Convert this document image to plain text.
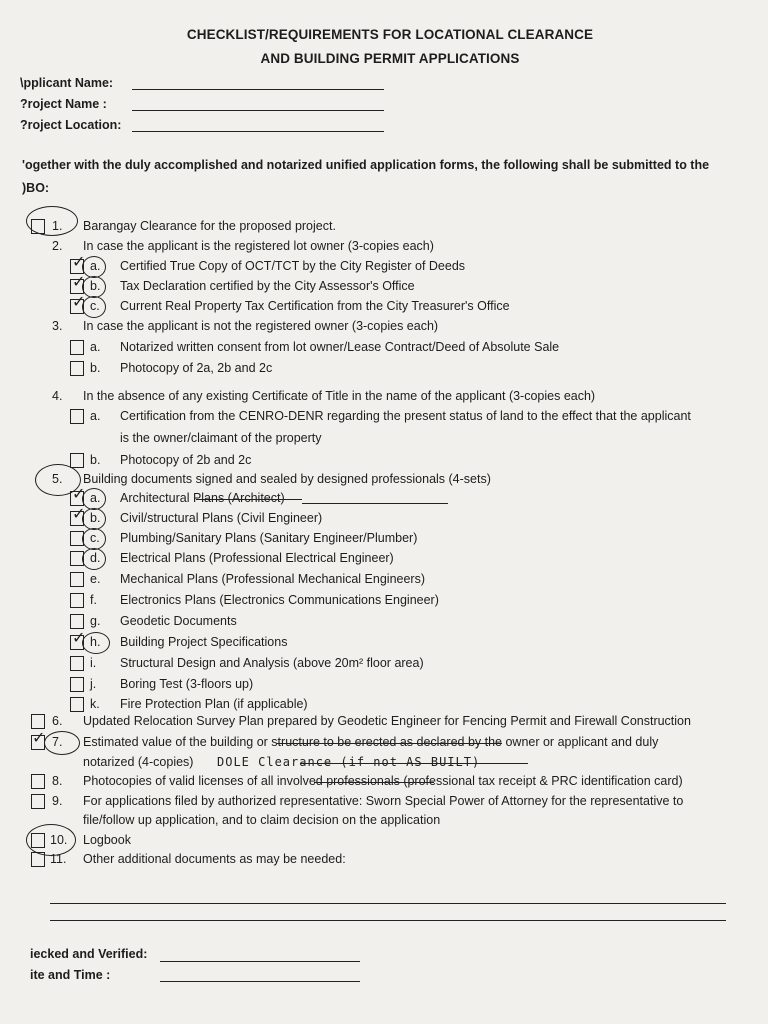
CHECKLIST/REQUIREMENTS FOR LOCATIONAL CLEARANCE
AND BUILDING PERMIT APPLICATIONS
\pplicant Name:
?roject Name :
?roject Location:
'ogether with the duly accomplished and notarized unified application forms, the following shall be submitted to the
)BO:
1. Barangay Clearance for the proposed project.
2. In case the applicant is the registered lot owner (3-copies each)
✓ a. Certified True Copy of OCT/TCT by the City Register of Deeds
✓ b. Tax Declaration certified by the City Assessor's Office
✓ c. Current Real Property Tax Certification from the City Treasurer's Office
3. In case the applicant is not the registered owner (3-copies each)
a. Notarized written consent from lot owner/Lease Contract/Deed of Absolute Sale
b. Photocopy of 2a, 2b and 2c
4. In the absence of any existing Certificate of Title in the name of the applicant (3-copies each)
a. Certification from the CENRO-DENR regarding the present status of land to the effect that the applicant
is the owner/claimant of the property
b. Photocopy of 2b and 2c
5. Building documents signed and sealed by designed professionals (4-sets)
✓ a. Architectural Plans (Architect)
✓ b. Civil/structural Plans (Civil Engineer)
c. Plumbing/Sanitary Plans (Sanitary Engineer/Plumber)
d. Electrical Plans (Professional Electrical Engineer)
e. Mechanical Plans (Professional Mechanical Engineers)
f. Electronics Plans (Electronics Communications Engineer)
g. Geodetic Documents
✓ h. Building Project Specifications
i. Structural Design and Analysis (above 20m² floor area)
j. Boring Test (3-floors up)
k. Fire Protection Plan (if applicable)
6. Updated Relocation Survey Plan prepared by Geodetic Engineer for Fencing Permit and Firewall Construction
✓ 7. Estimated value of the building or structure to be erected as declared by the owner or applicant and duly
notarized (4-copies) DOLE Clearance (if not AS BUILT)
8. Photocopies of valid licenses of all involved professionals (professional tax receipt & PRC identification card)
9. For applications filed by authorized representative: Sworn Special Power of Attorney for the representative to
file/follow up application, and to claim decision on the application
10. Logbook
11. Other additional documents as may be needed:
iecked and Verified:
ite and Time :
